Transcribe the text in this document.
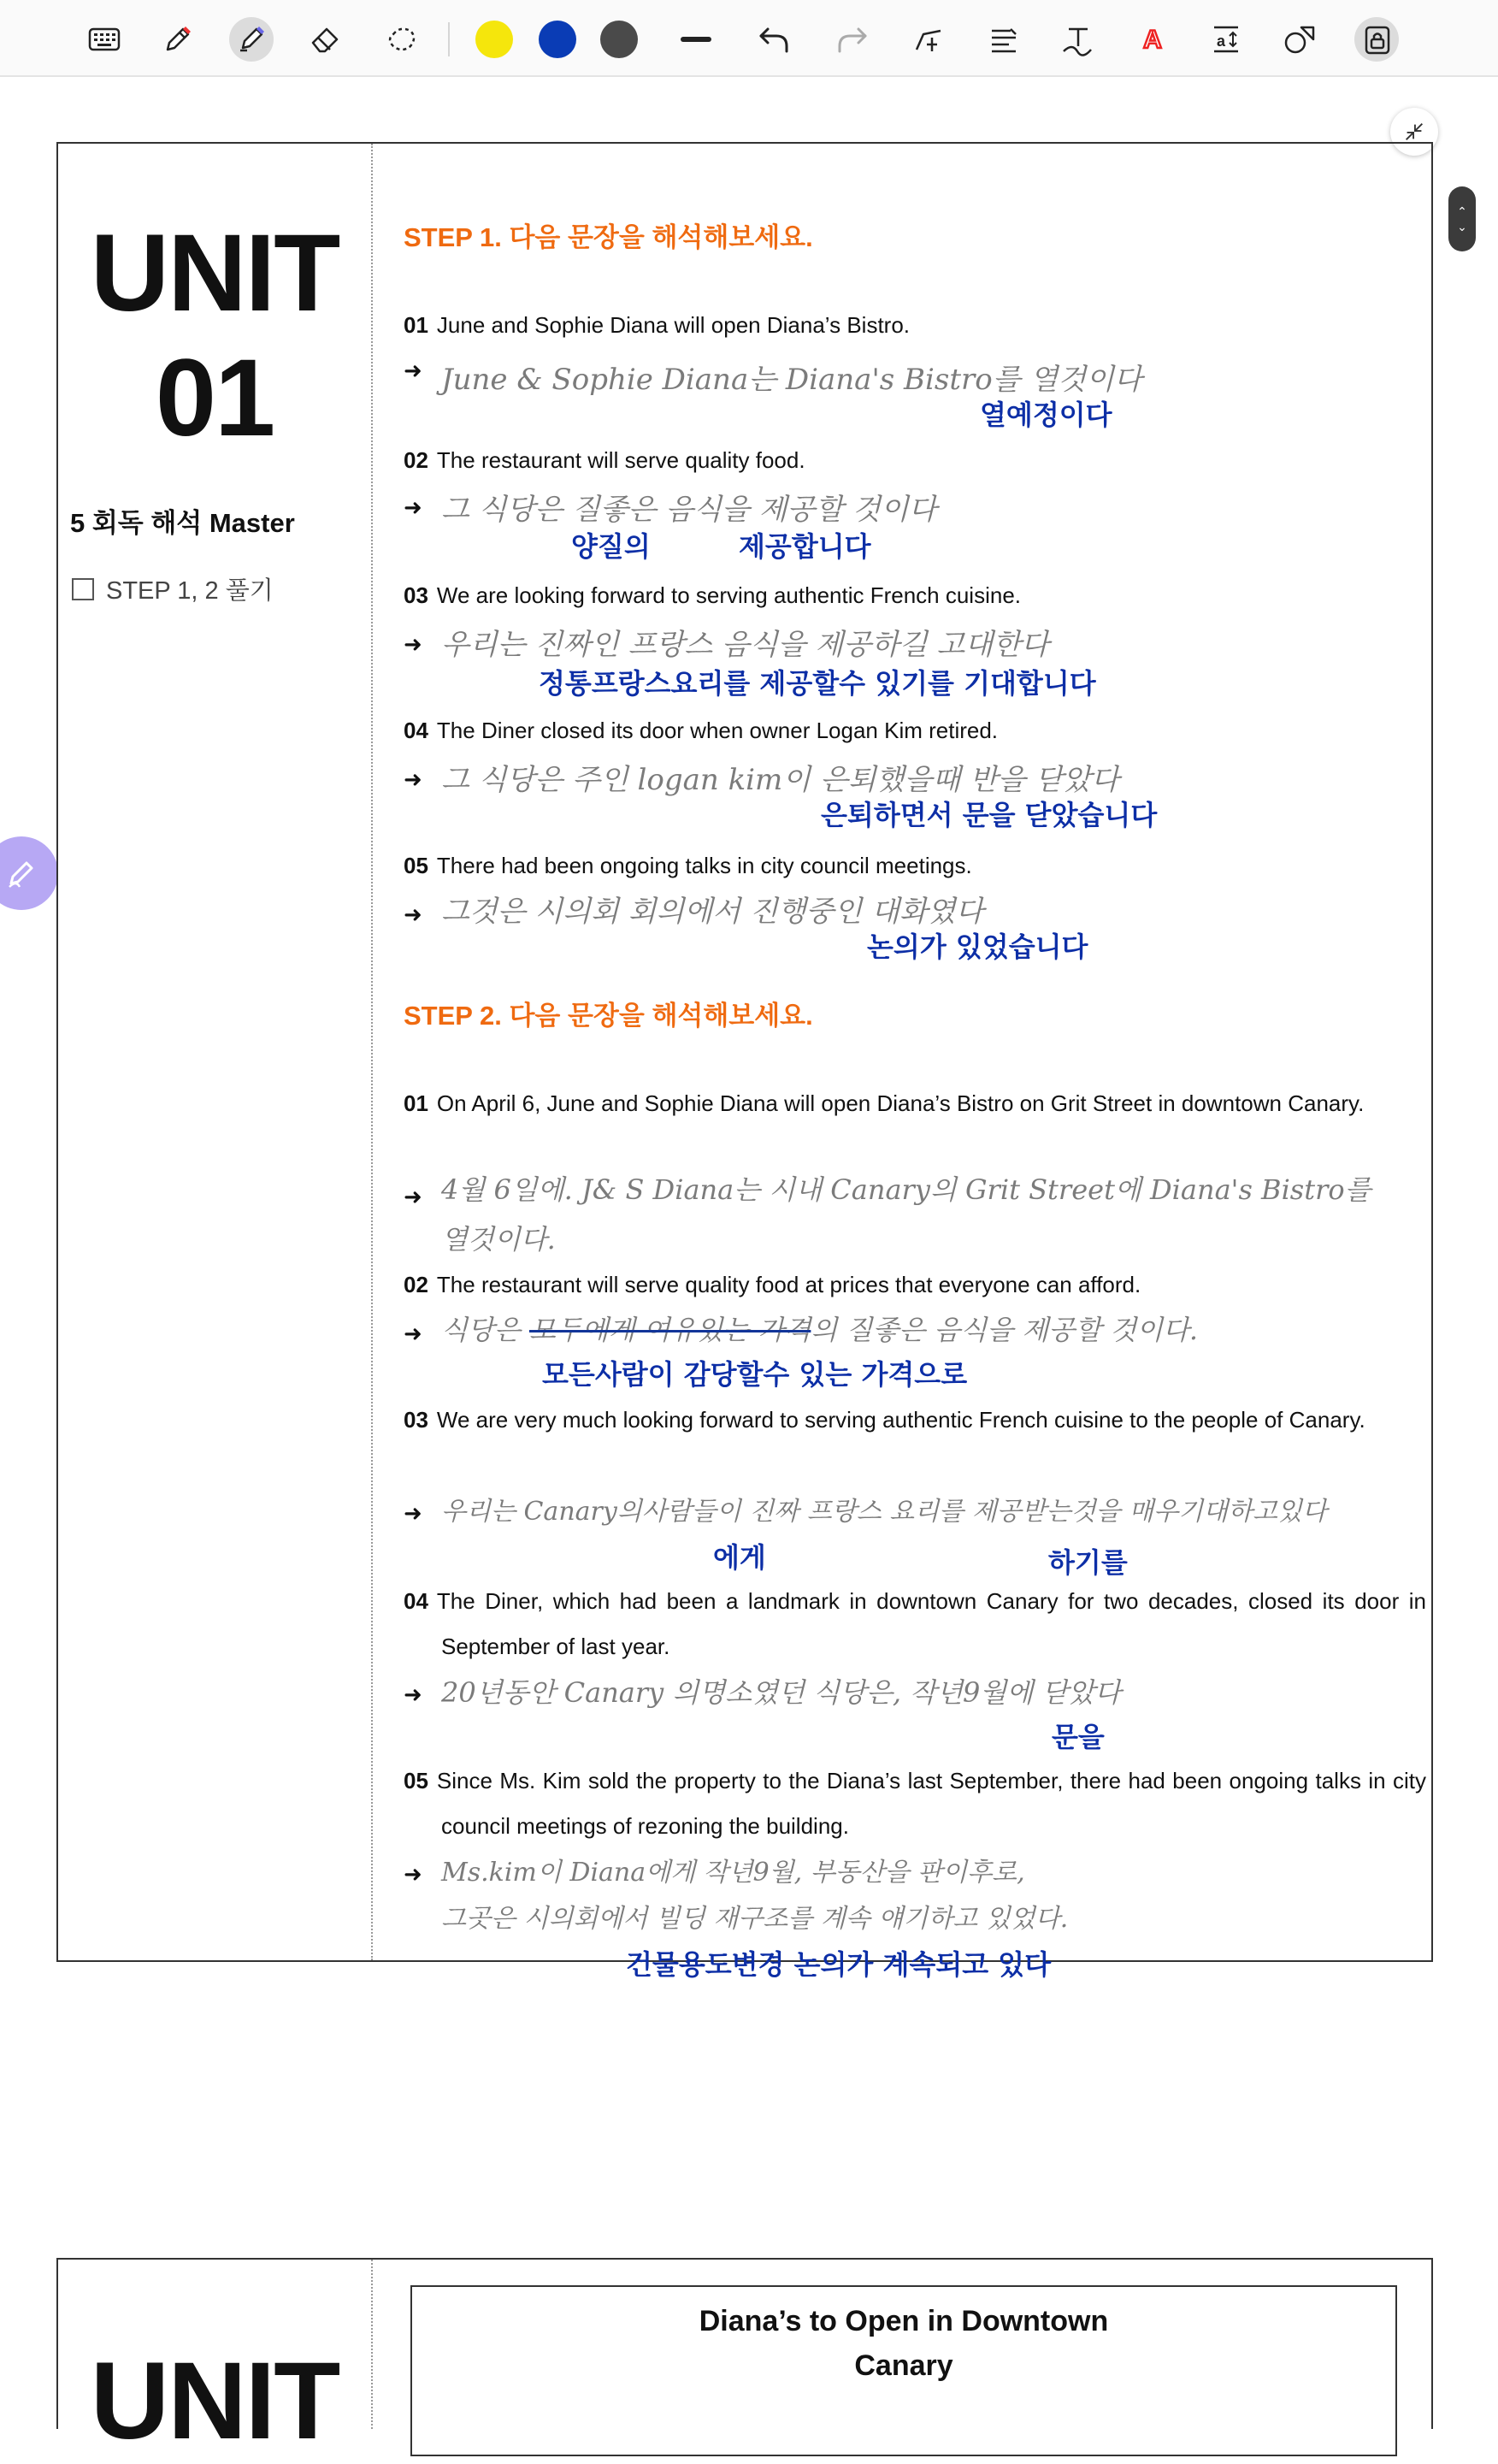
A	a
⌃
⌄
UNIT
01
5 회독 해석 Master
STEP 1, 2 풀기
STEP 1. 다음 문장을 해석해보세요.
01 June and Sophie Diana will open Diana’s Bistro.
➜ June & Sophie Diana는 Diana's Bistro를 열것이다
열예정이다
02 The restaurant will serve quality food.
➜ 그 식당은 질좋은 음식을 제공할 것이다
양질의	제공합니다
03 We are looking forward to serving authentic French cuisine.
➜ 우리는 진짜인 프랑스 음식을 제공하길 고대한다
정통프랑스요리를 제공할수 있기를 기대합니다
04 The Diner closed its door when owner Logan Kim retired.
➜ 그 식당은 주인 logan kim이 은퇴했을때 반을 닫았다
은퇴하면서 문을 닫았습니다
05 There had been ongoing talks in city council meetings.
➜ 그것은 시의회 회의에서 진행중인 대화였다
논의가 있었습니다
STEP 2. 다음 문장을 해석해보세요.
01 On April 6, June and Sophie Diana will open Diana’s Bistro on Grit Street in downtown Canary.
➜ 4월 6일에. J& S Diana는 시내 Canary의 Grit Street에 Diana's Bistro를
열것이다.
02 The restaurant will serve quality food at prices that everyone can afford.
➜ 식당은 모두에게 여유있는 가격의 질좋은 음식을 제공할 것이다.
모든사람이 감당할수 있는 가격으로
03 We are very much looking forward to serving authentic French cuisine to the people of Canary.
➜ 우리는 Canary의사람들이 진짜 프랑스 요리를 제공받는것을 매우기대하고있다
에게	하기를
04 The Diner, which had been a landmark in downtown Canary for two decades, closed its door in September of last year.
➜ 20년동안 Canary 의명소였던 식당은, 작년9월에 닫았다
문을
05 Since Ms. Kim sold the property to the Diana’s last September, there had been ongoing talks in city council meetings of rezoning the building.
➜ Ms.kim이 Diana에게 작년9월, 부동산을 판이후로,
그곳은 시의회에서 빌딩 재구조를 계속 얘기하고 있었다.
건물용도변경 논의가 계속되고 있다
UNIT
Diana’s to Open in Downtown
Canary
